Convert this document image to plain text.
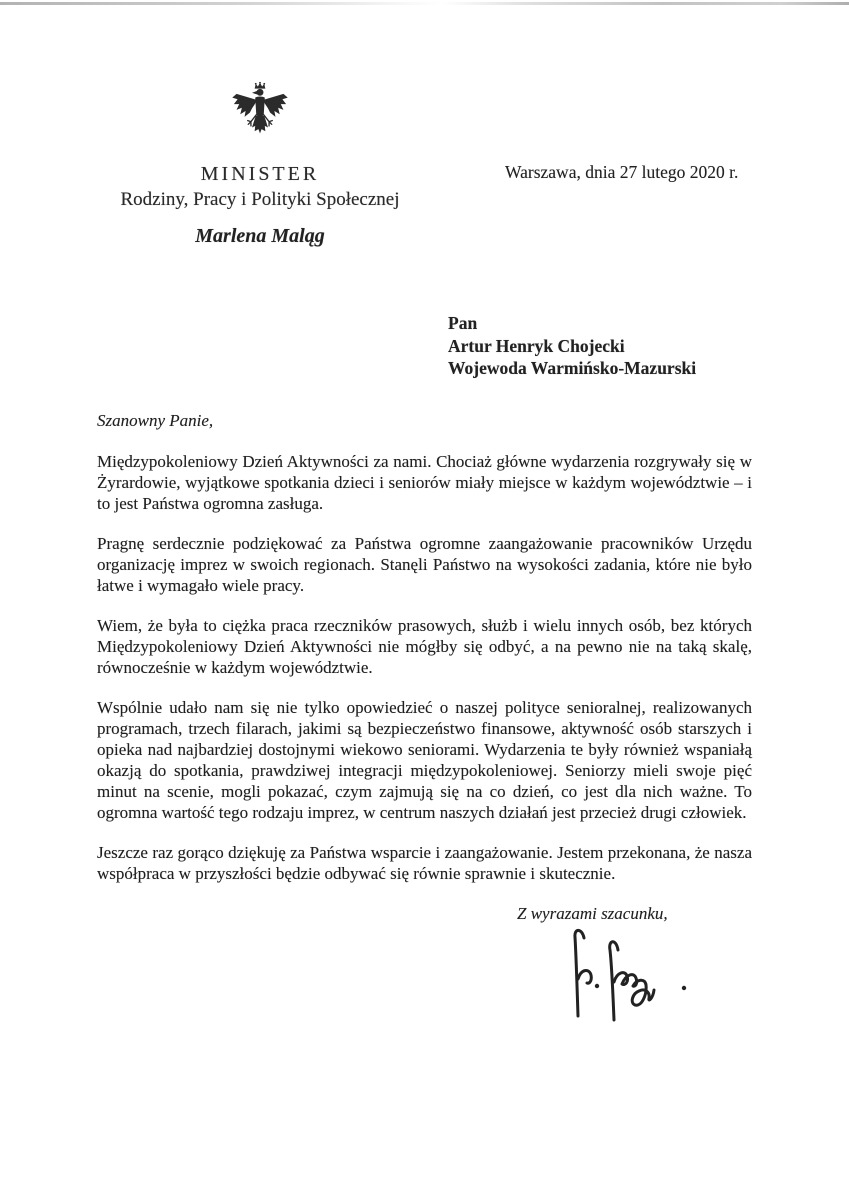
MINISTER
Rodziny, Pracy i Polityki Społecznej
Marlena Maląg
Warszawa, dnia 27 lutego 2020 r.
Pan
Artur Henryk Chojecki
Wojewoda Warmińsko-Mazurski

Szanowny Panie,

Międzypokoleniowy Dzień Aktywności za nami. Chociaż główne wydarzenia rozgrywały się w Żyrardowie, wyjątkowe spotkania dzieci i seniorów miały miejsce w każdym województwie – i to jest Państwa ogromna zasługa.

Pragnę serdecznie podziękować za Państwa ogromne zaangażowanie pracowników Urzędu organizację imprez w swoich regionach. Stanęli Państwo na wysokości zadania, które nie było łatwe i wymagało wiele pracy.

Wiem, że była to ciężka praca rzeczników prasowych, służb i wielu innych osób, bez których Międzypokoleniowy Dzień Aktywności nie mógłby się odbyć, a na pewno nie na taką skalę, równocześnie w każdym województwie.

Wspólnie udało nam się nie tylko opowiedzieć o naszej polityce senioralnej, realizowanych programach, trzech filarach, jakimi są bezpieczeństwo finansowe, aktywność osób starszych i opieka nad najbardziej dostojnymi wiekowo seniorami. Wydarzenia te były również wspaniałą okazją do spotkania, prawdziwej integracji międzypokoleniowej. Seniorzy mieli swoje pięć minut na scenie, mogli pokazać, czym zajmują się na co dzień, co jest dla nich ważne. To ogromna wartość tego rodzaju imprez, w centrum naszych działań jest przecież drugi człowiek.

Jeszcze raz gorąco dziękuję za Państwa wsparcie i zaangażowanie. Jestem przekonana, że nasza współpraca w przyszłości będzie odbywać się równie sprawnie i skutecznie.

Z wyrazami szacunku,
